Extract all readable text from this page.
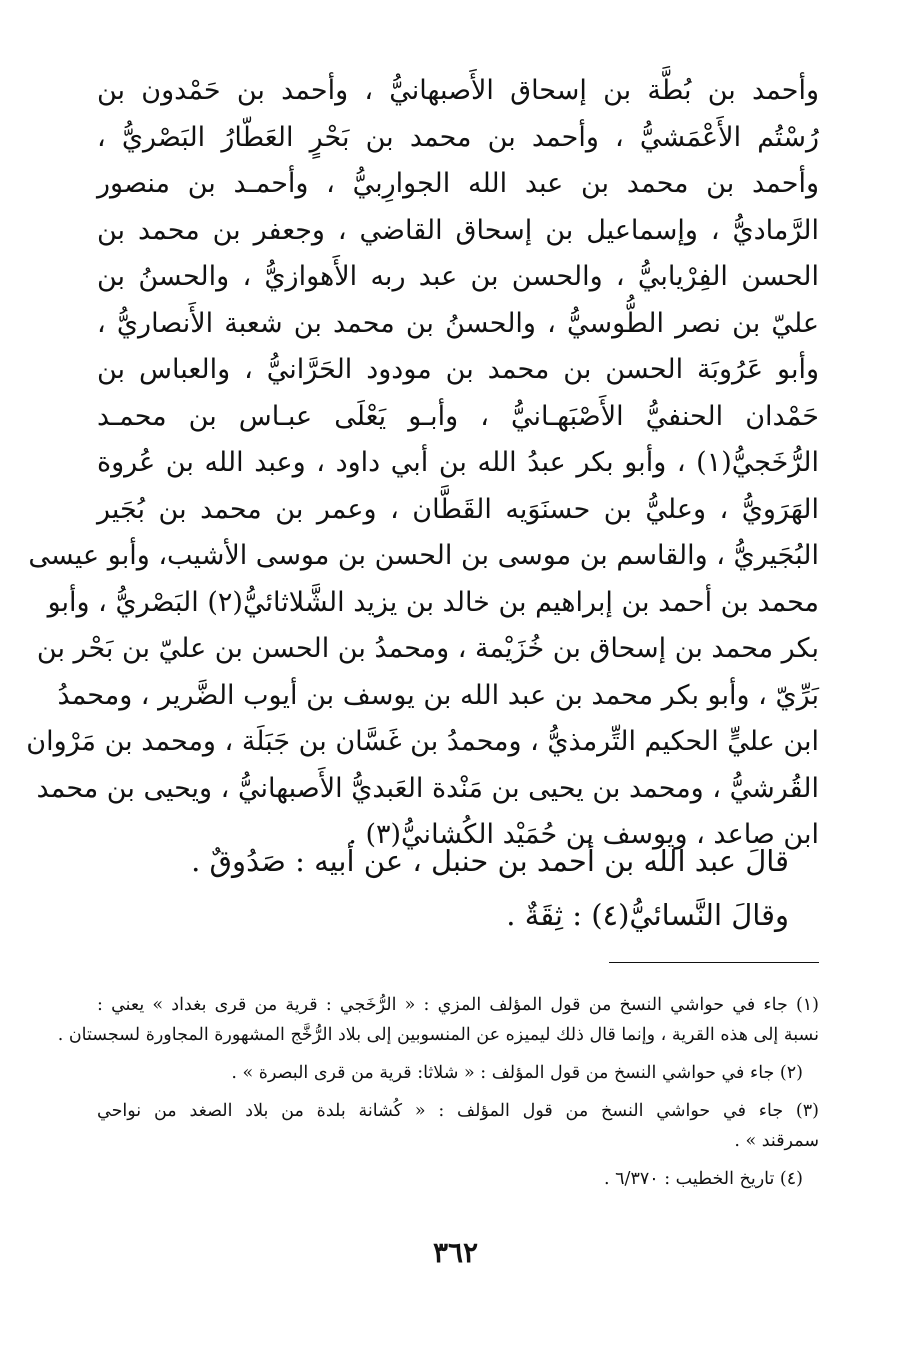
وأحمد بن بُطَّة بن إسحاق الأَصبهانيُّ ، وأحمد بن حَمْدون بن
رُسْتُم الأَعْمَشيُّ ، وأحمد بن محمد بن بَحْرٍ العَطّارُ البَصْريُّ ،
وأحمد بن محمد بن عبد الله الجوارِبيُّ ، وأحمـد بن منصور
الرَّماديُّ ، وإسماعيل بن إسحاق القاضي ، وجعفر بن محمد بن
الحسن الفِرْيابيُّ ، والحسن بن عبد ربه الأَهوازيُّ ، والحسنُ بن
عليّ بن نصر الطُّوسيُّ ، والحسنُ بن محمد بن شعبة الأَنصاريُّ ،
وأبو عَرُوبَة الحسن بن محمد بن مودود الحَرَّانيُّ ، والعباس بن
حَمْدان الحنفيُّ الأَصْبَهـانيُّ ، وأبـو يَعْلَى عبـاس بن محمـد
الرُّخَجيُّ(١) ، وأبو بكر عبدُ الله بن أبي داود ، وعبد الله بن عُروة
الهَرَويُّ ، وعليُّ بن حسنَوَيه القَطَّان ، وعمر بن محمد بن بُجَير
البُجَيريُّ ، والقاسم بن موسى بن الحسن بن موسى الأشيب، وأبو عيسى
محمد بن أحمد بن إبراهيم بن خالد بن يزيد الشَّلاثائيُّ(٢) البَصْريُّ ، وأبو
بكر محمد بن إسحاق بن خُزَيْمة ، ومحمدُ بن الحسن بن عليّ بن بَحْر بن
بَرِّيّ ، وأبو بكر محمد بن عبد الله بن يوسف بن أيوب الضَّرير ، ومحمدُ
ابن عليٍّ الحكيم التِّرمذيُّ ، ومحمدُ بن غَسَّان بن جَبَلَة ، ومحمد بن مَرْوان
القُرشيُّ ، ومحمد بن يحيى بن مَنْدة العَبديُّ الأَصبهانيُّ ، ويحيى بن محمد
ابن صاعد ، ويوسف بن حُمَيْد الكُشانيُّ(٣) .
قالَ عبد الله بن أحمد بن حنبل ، عن أبيه : صَدُوقٌ .
وقالَ النَّسائيُّ(٤) : ثِقَةٌ .
(١) جاء في حواشي النسخ من قول المؤلف المزي : « الرُّخَجي : قرية من قرى بغداد » يعني :
نسبة إلى هذه القرية ، وإنما قال ذلك ليميزه عن المنسوبين إلى بلاد الرُّخَّج المشهورة المجاورة لسجستان .
(٢) جاء في حواشي النسخ من قول المؤلف : « شلاثا: قرية من قرى البصرة » .
(٣) جاء في حواشي النسخ من قول المؤلف : « كُشانة بلدة من بلاد الصغد من نواحي
سمرقند » .
(٤) تاريخ الخطيب : ٦/٣٧٠ .
٣٦٢
